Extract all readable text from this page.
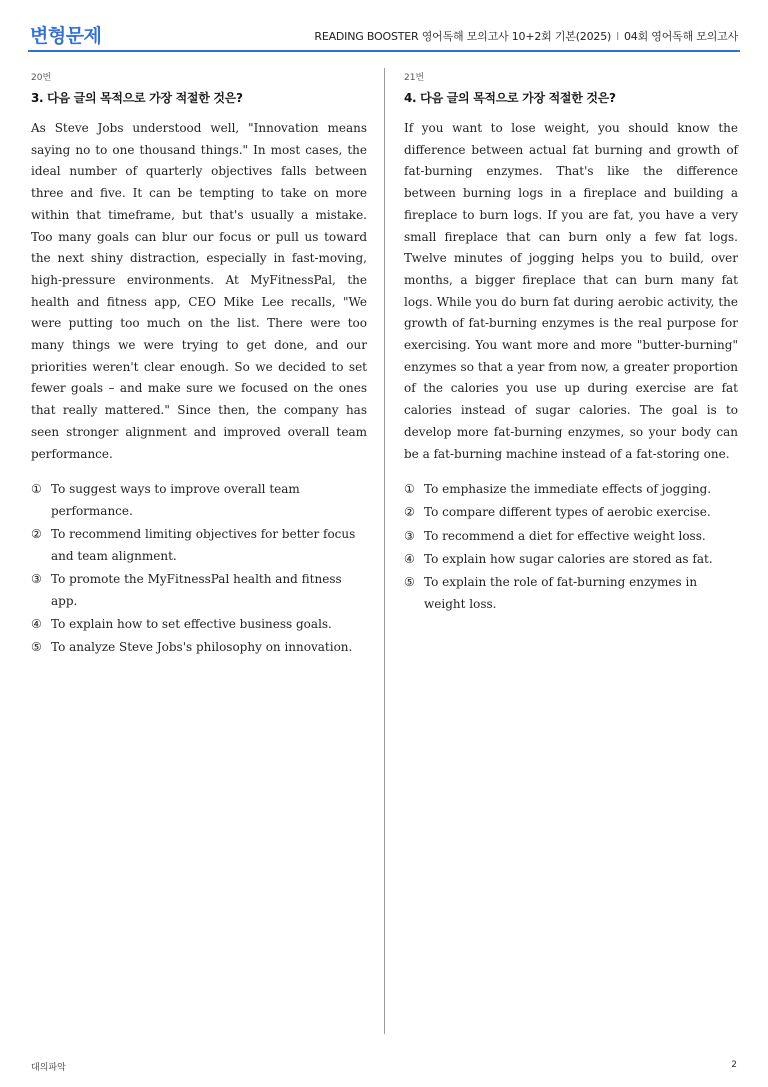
변형문제	READING BOOSTER 영어독해 모의고사 10+2회 기본(2025) l 04회 영어독해 모의고사
20번
3. 다음 글의 목적으로 가장 적절한 것은?

As Steve Jobs understood well, "Innovation means saying no to one thousand things." In most cases, the ideal number of quarterly objectives falls between three and five. It can be tempting to take on more within that timeframe, but that's usually a mistake. Too many goals can blur our focus or pull us toward the next shiny distraction, especially in fast-moving, high-pressure environments. At MyFitnessPal, the health and fitness app, CEO Mike Lee recalls, "We were putting too much on the list. There were too many things we were trying to get done, and our priorities weren't clear enough. So we decided to set fewer goals – and make sure we focused on the ones that really mattered." Since then, the company has seen stronger alignment and improved overall team performance.

① To suggest ways to improve overall team performance.
② To recommend limiting objectives for better focus and team alignment.
③ To promote the MyFitnessPal health and fitness app.
④ To explain how to set effective business goals.
⑤ To analyze Steve Jobs's philosophy on innovation.
21번
4. 다음 글의 목적으로 가장 적절한 것은?

If you want to lose weight, you should know the difference between actual fat burning and growth of fat-burning enzymes. That's like the difference between burning logs in a fireplace and building a fireplace to burn logs. If you are fat, you have a very small fireplace that can burn only a few fat logs. Twelve minutes of jogging helps you to build, over months, a bigger fireplace that can burn many fat logs. While you do burn fat during aerobic activity, the growth of fat-burning enzymes is the real purpose for exercising. You want more and more "butter-burning" enzymes so that a year from now, a greater proportion of the calories you use up during exercise are fat calories instead of sugar calories. The goal is to develop more fat-burning enzymes, so your body can be a fat-burning machine instead of a fat-storing one.

① To emphasize the immediate effects of jogging.
② To compare different types of aerobic exercise.
③ To recommend a diet for effective weight loss.
④ To explain how sugar calories are stored as fat.
⑤ To explain the role of fat-burning enzymes in weight loss.
대의파악	2
